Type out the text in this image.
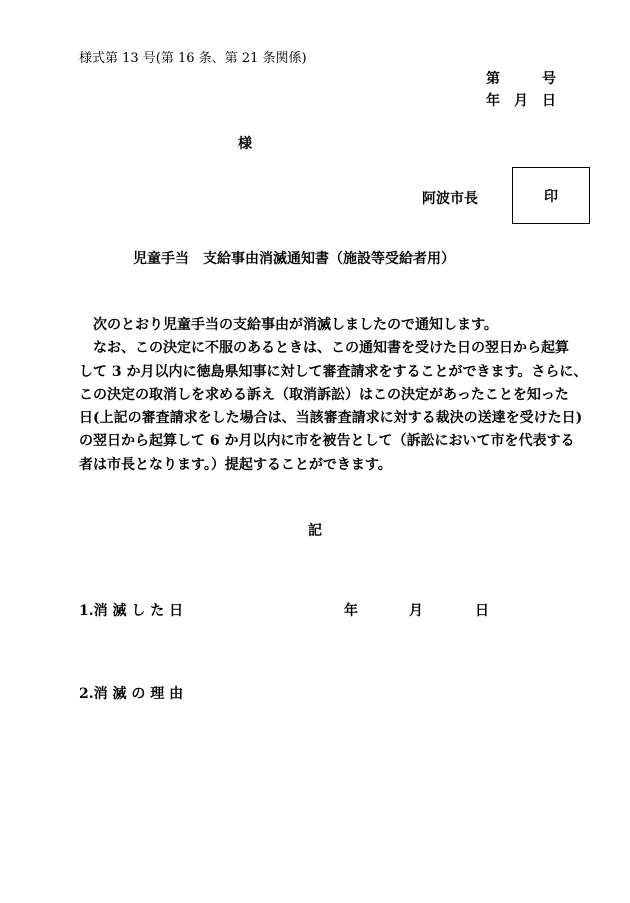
様式第 13 号(第 16 条、第 21 条関係)
第　　　号
年　月　日
様
阿波市長	印
児童手当　支給事由消滅通知書（施設等受給者用）

　次のとおり児童手当の支給事由が消滅しましたので通知します。

　なお、この決定に不服のあるときは、この通知書を受けた日の翌日から起算

して 3 か月以内に徳島県知事に対して審査請求をすることができます。さらに、

この決定の取消しを求める訴え（取消訴訟）はこの決定があったことを知った

日(上記の審査請求をした場合は、当該審査請求に対する裁決の送達を受けた日)

の翌日から起算して 6 か月以内に市を被告として（訴訟において市を代表する

者は市長となります。）提起することができます。

記
1.消 滅 し た 日	年	月	日
2.消 滅 の 理 由
